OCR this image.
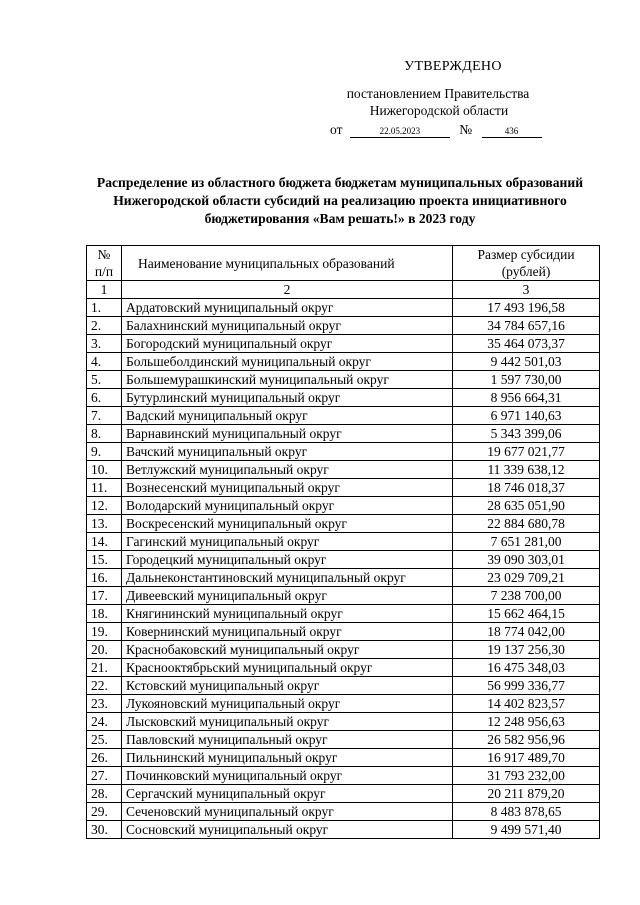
УТВЕРЖДЕНО
постановлением Правительства
Нижегородской области
от	22.05.2023	№	436
Распределение из областного бюджета бюджетам муниципальных образований Нижегородской области субсидий на реализацию проекта инициативного бюджетирования «Вам решать!» в 2023 году
№ п/п	Наименование муниципальных образований	Размер субсидии (рублей)
1	2	3
1.	Ардатовский муниципальный округ	17 493 196,58
2.	Балахнинский муниципальный округ	34 784 657,16
3.	Богородский муниципальный округ	35 464 073,37
4.	Большеболдинский муниципальный округ	9 442 501,03
5.	Большемурашкинский муниципальный округ	1 597 730,00
6.	Бутурлинский муниципальный округ	8 956 664,31
7.	Вадский муниципальный округ	6 971 140,63
8.	Варнавинский муниципальный округ	5 343 399,06
9.	Вачский муниципальный округ	19 677 021,77
10.	Ветлужский муниципальный округ	11 339 638,12
11.	Вознесенский муниципальный округ	18 746 018,37
12.	Володарский муниципальный округ	28 635 051,90
13.	Воскресенский муниципальный округ	22 884 680,78
14.	Гагинский муниципальный округ	7 651 281,00
15.	Городецкий муниципальный округ	39 090 303,01
16.	Дальнеконстантиновский муниципальный округ	23 029 709,21
17.	Дивеевский муниципальный округ	7 238 700,00
18.	Княгининский муниципальный округ	15 662 464,15
19.	Ковернинский муниципальный округ	18 774 042,00
20.	Краснобаковский муниципальный округ	19 137 256,30
21.	Краснооктябрьский муниципальный округ	16 475 348,03
22.	Кстовский муниципальный округ	56 999 336,77
23.	Лукояновский муниципальный округ	14 402 823,57
24.	Лысковский муниципальный округ	12 248 956,63
25.	Павловский муниципальный округ	26 582 956,96
26.	Пильнинский муниципальный округ	16 917 489,70
27.	Починковский муниципальный округ	31 793 232,00
28.	Сергачский муниципальный округ	20 211 879,20
29.	Сеченовский муниципальный округ	8 483 878,65
30.	Сосновский муниципальный округ	9 499 571,40
